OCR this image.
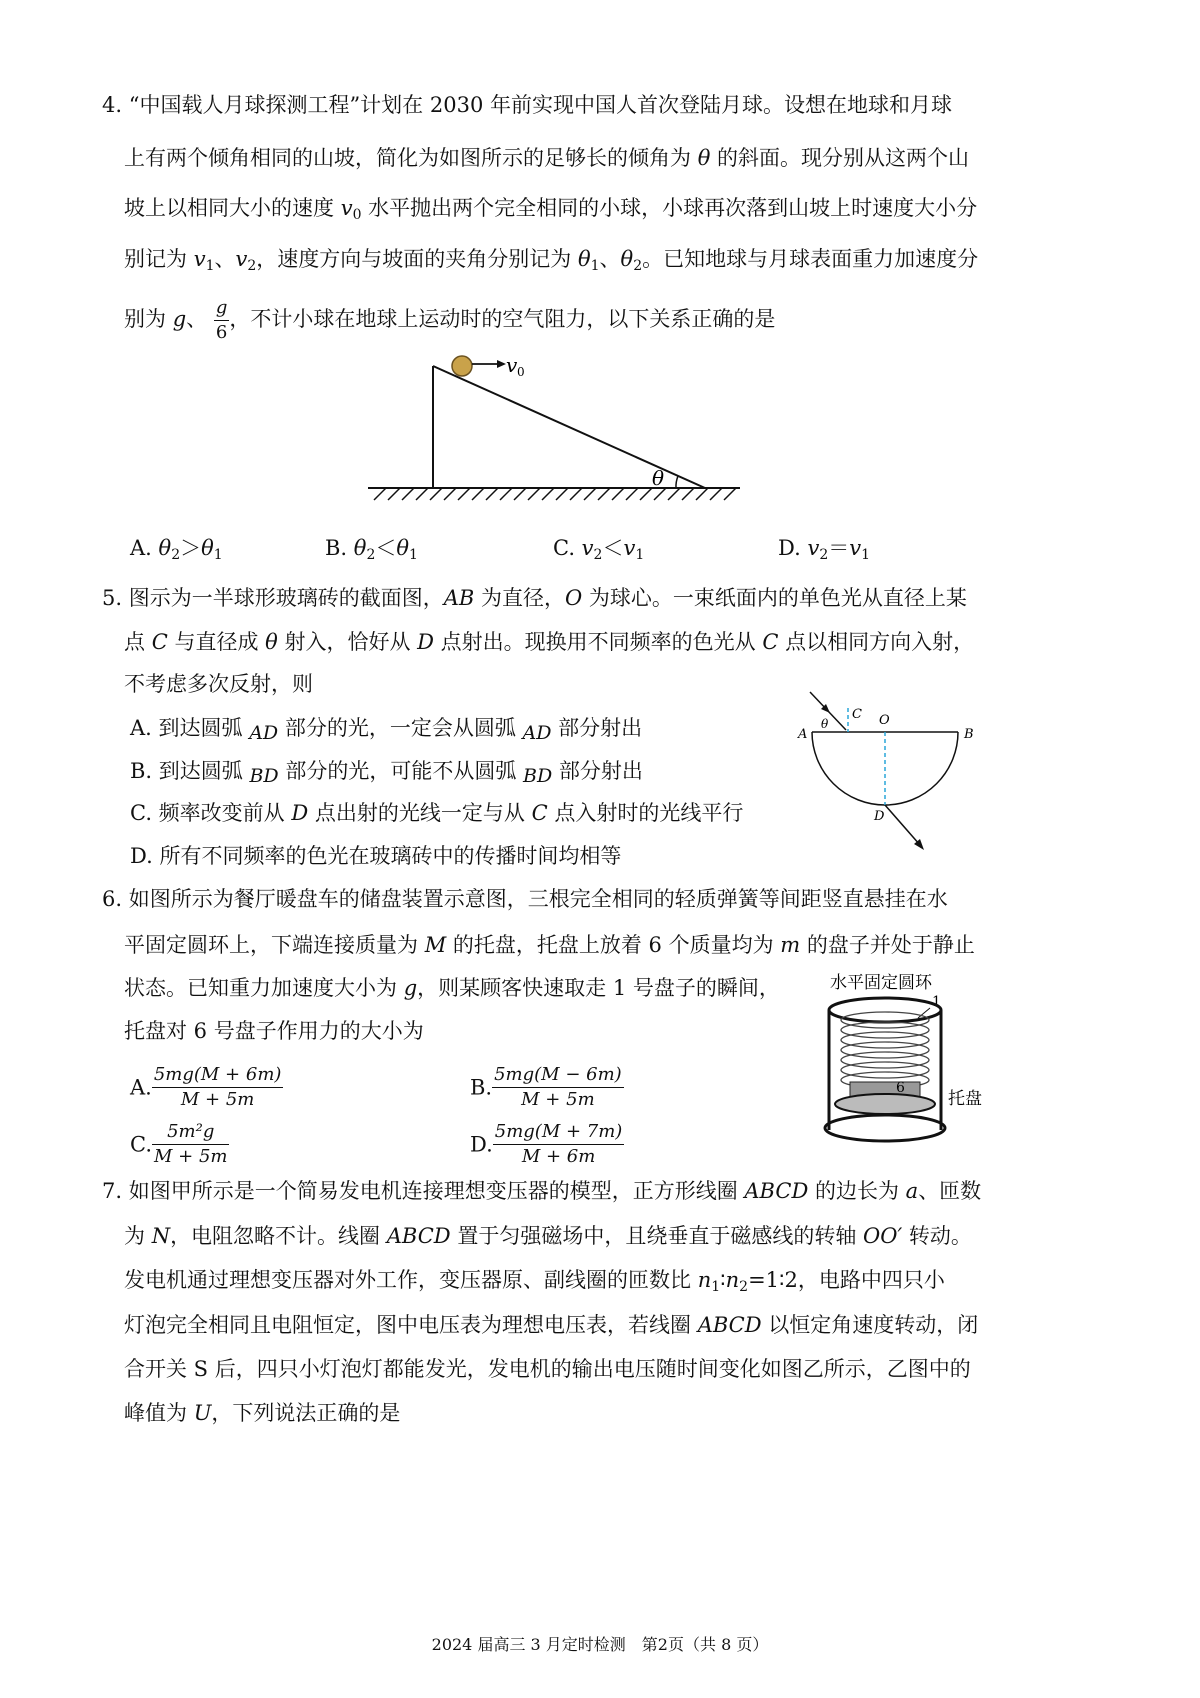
4. “中国载人月球探测工程”计划在 2030 年前实现中国人首次登陆月球。设想在地球和月球
上有两个倾角相同的山坡，简化为如图所示的足够长的倾角为 θ 的斜面。现分别从这两个山
坡上以相同大小的速度 $v_0$ 水平抛出两个完全相同的小球，小球再次落到山坡上时速度大小分
别记为 $v_1$、$v_2$，速度方向与坡面的夹角分别记为 $\theta_1$、$\theta_2$。已知地球与月球表面重力加速度分
别为 g、 $\frac{g}{6}$ ，不计小球在地球上运动时的空气阻力，以下关系正确的是
v 0
θ
A. $\theta_2>\theta_1$	B. $\theta_2<\theta_1$	C. $v_2<v_1$	D. $v_2=v_1$
5. 图示为一半球形玻璃砖的截面图，AB 为直径，O 为球心。一束纸面内的单色光从直径上某
点 C 与直径成 θ 射入，恰好从 D 点射出。现换用不同频率的色光从 C 点以相同方向入射，
不考虑多次反射，则
A. 到达圆弧 AD 部分的光，一定会从圆弧 AD 部分射出
B. 到达圆弧 BD 部分的光，可能不从圆弧 BD 部分射出
C. 频率改变前从 D 点出射的光线一定与从 C 点入射时的光线平行
D. 所有不同频率的色光在玻璃砖中的传播时间均相等
A	B
C O
D
θ
6. 如图所示为餐厅暖盘车的储盘装置示意图，三根完全相同的轻质弹簧等间距竖直悬挂在水
平固定圆环上，下端连接质量为 M 的托盘，托盘上放着 6 个质量均为 m 的盘子并处于静止
状态。已知重力加速度大小为 g，则某顾客快速取走 1 号盘子的瞬间，
托盘对 6 号盘子作用力的大小为
A. $\frac{5mg(M + 6m)}{M + 5m}$	B. $\frac{5mg(M - 6m)}{M + 5m}$
C. $\frac{\text{5m²g}}{M + 5m}$	D. $\frac{5mg(M + 7m)}{M + 6m}$
水平固定圆环
1
6
托盘
7. 如图甲所示是一个简易发电机连接理想变压器的模型，正方形线圈 ABCD 的边长为 a、匝数
为 N，电阻忽略不计。线圈 ABCD 置于匀强磁场中，且绕垂直于磁感线的转轴 OO′ 转动。
发电机通过理想变压器对外工作，变压器原、副线圈的匝数比 $n_1∶n_2=1∶2$，电路中四只小
灯泡完全相同且电阻恒定，图中电压表为理想电压表，若线圈 ABCD 以恒定角速度转动，闭
合开关 S 后，四只小灯泡灯都能发光，发电机的输出电压随时间变化如图乙所示，乙图中的
峰值为 U，下列说法正确的是
2024 届高三 3 月定时检测　第2页（共 8 页）
